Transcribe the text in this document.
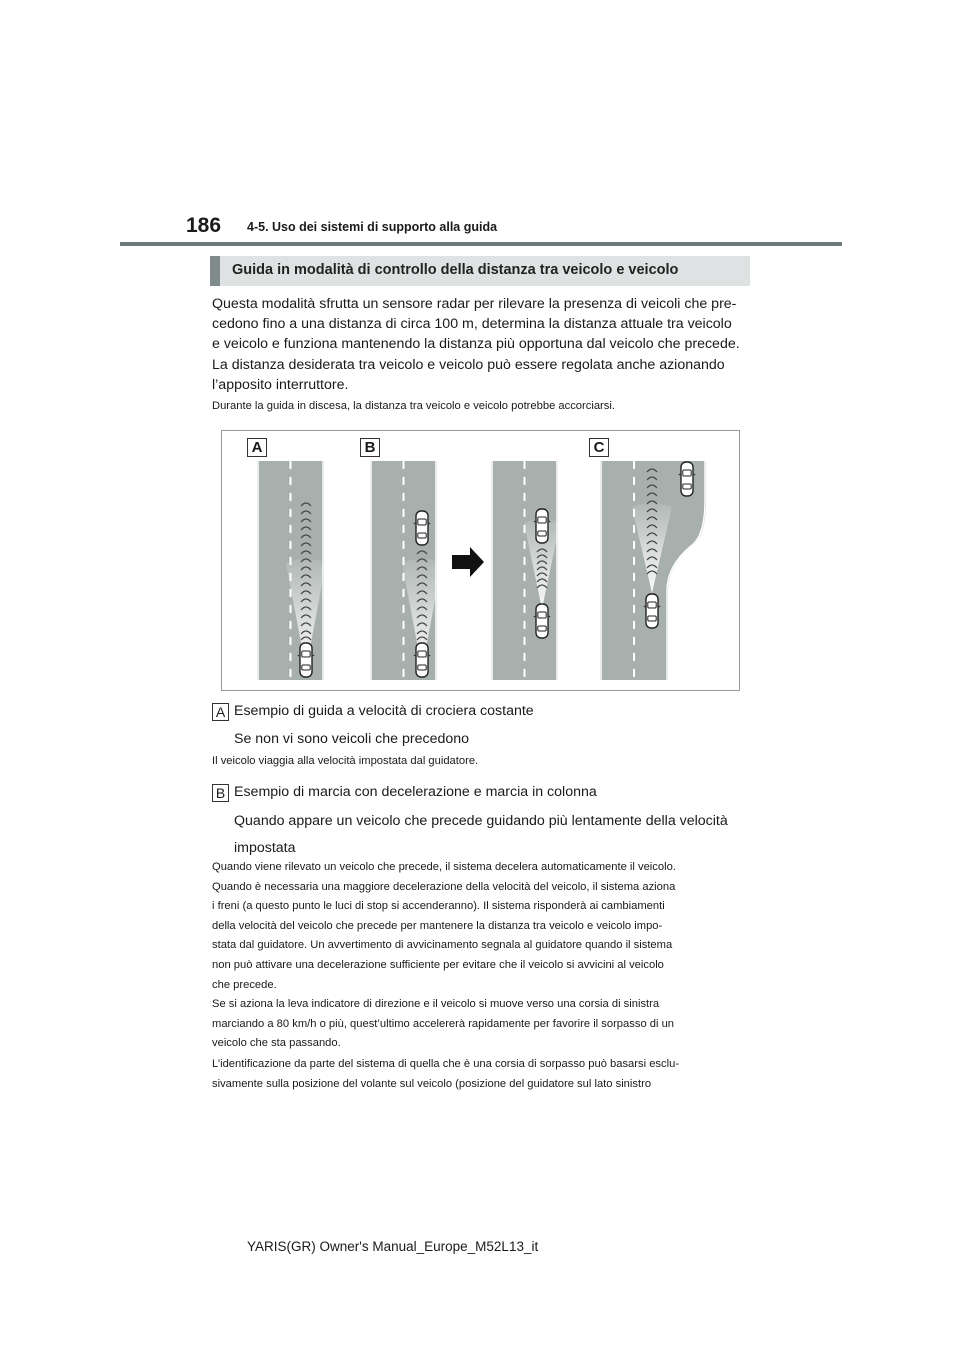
186 4-5. Uso dei sistemi di supporto alla guida
Guida in modalità di controllo della distanza tra veicolo e veicolo
Questa modalità sfrutta un sensore radar per rilevare la presenza di veicoli che pre-
cedono fino a una distanza di circa 100 m, determina la distanza attuale tra veicolo
e veicolo e funziona mantenendo la distanza più opportuna dal veicolo che precede.
La distanza desiderata tra veicolo e veicolo può essere regolata anche azionando
l’apposito interruttore.
Durante la guida in discesa, la distanza tra veicolo e veicolo potrebbe accorciarsi.
A	B	C
A Esempio di guida a velocità di crociera costante
Se non vi sono veicoli che precedono
Il veicolo viaggia alla velocità impostata dal guidatore.
B Esempio di marcia con decelerazione e marcia in colonna
Quando appare un veicolo che precede guidando più lentamente della velocità
impostata
Quando viene rilevato un veicolo che precede, il sistema decelera automaticamente il veicolo.
Quando è necessaria una maggiore decelerazione della velocità del veicolo, il sistema aziona
i freni (a questo punto le luci di stop si accenderanno). Il sistema risponderà ai cambiamenti
della velocità del veicolo che precede per mantenere la distanza tra veicolo e veicolo impo-
stata dal guidatore. Un avvertimento di avvicinamento segnala al guidatore quando il sistema
non può attivare una decelerazione sufficiente per evitare che il veicolo si avvicini al veicolo
che precede.
Se si aziona la leva indicatore di direzione e il veicolo si muove verso una corsia di sinistra
marciando a 80 km/h o più, quest’ultimo accelererà rapidamente per favorire il sorpasso di un
veicolo che sta passando.
L’identificazione da parte del sistema di quella che è una corsia di sorpasso può basarsi esclu-
sivamente sulla posizione del volante sul veicolo (posizione del guidatore sul lato sinistro
YARIS(GR) Owner's Manual_Europe_M52L13_it
